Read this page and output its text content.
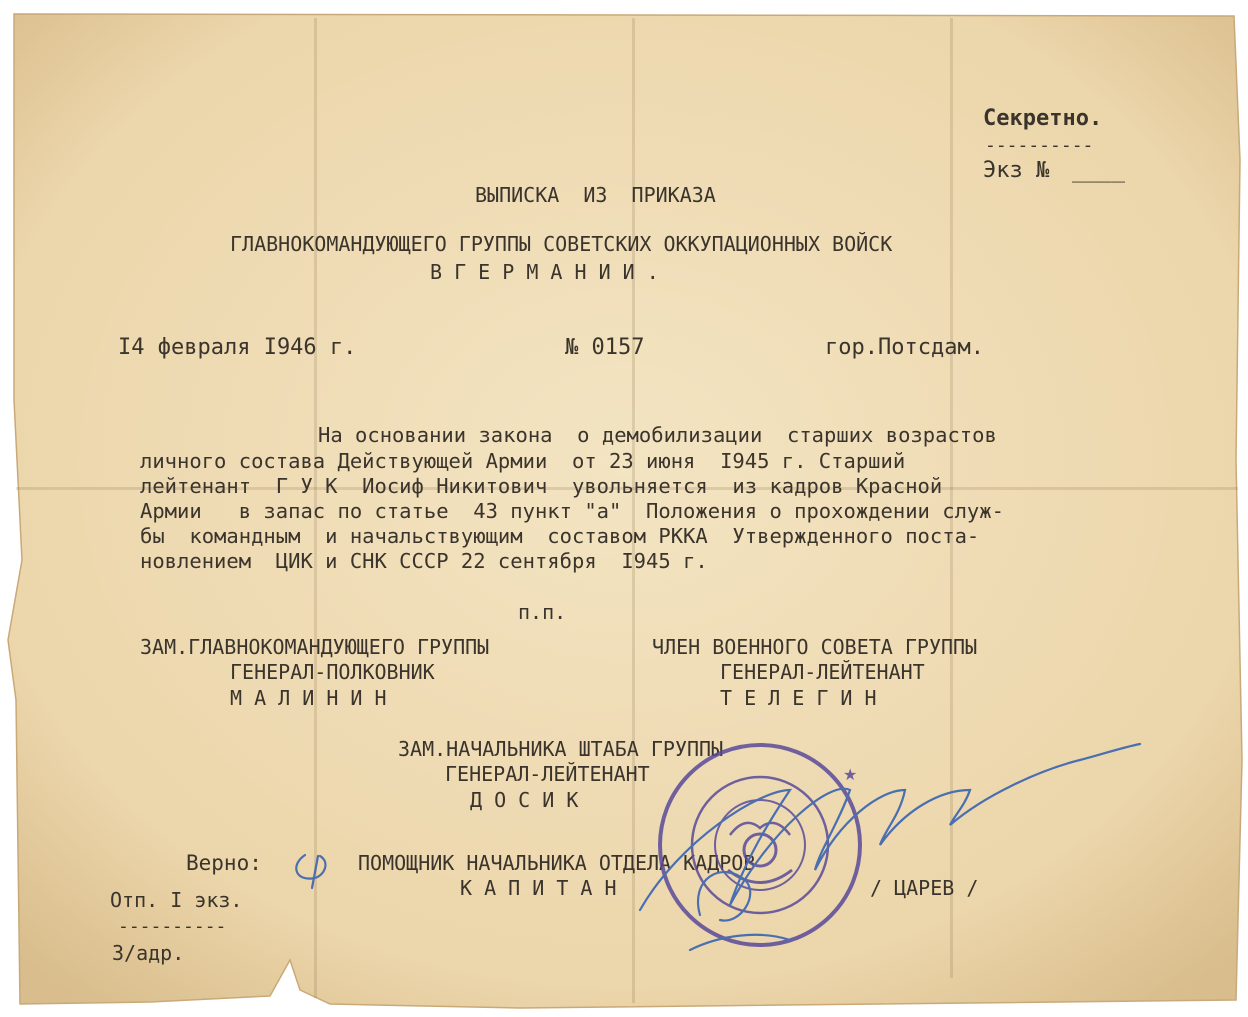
Секретно.
----------
Экз № ____
ВЫПИСКА  ИЗ  ПРИКАЗА
ГЛАВНОКОМАНДУЮЩЕГО ГРУППЫ СОВЕТСКИХ ОККУПАЦИОННЫХ ВОЙСК
В Г Е Р М А Н И И .
I4 февраля I946 г.	№ 0157	гор.Потсдам.
На основании закона  о демобилизации  старших возрастов
личного состава Действующей Армии  от 23 июня  I945 г. Старший
лейтенант  Г У К  Иосиф Никитович  увольняется  из кадров Красной
Армии   в запас по статье  43 пункт "а"  Положения о прохождении служ-
бы  командным  и начальствующим  составом РККА  Утвержденного поста-
новлением  ЦИК и СНК СССР 22 сентября  I945 г.
п.п.
ЗАМ.ГЛАВНОКОМАНДУЮЩЕГО ГРУППЫ
ГЕНЕРАЛ-ПОЛКОВНИК
М А Л И Н И Н
ЧЛЕН ВОЕННОГО СОВЕТА ГРУППЫ
ГЕНЕРАЛ-ЛЕЙТЕНАНТ
Т Е Л Е Г И Н
ЗАМ.НАЧАЛЬНИКА ШТАБА ГРУППЫ
ГЕНЕРАЛ-ЛЕЙТЕНАНТ
Д О С И К
Верно:	ПОМОЩНИК НАЧАЛЬНИКА ОТДЕЛА КАДРОВ
К А П И Т А Н	/ ЦАРЕВ /
Отп. I экз.
----------
3/адр.
★
